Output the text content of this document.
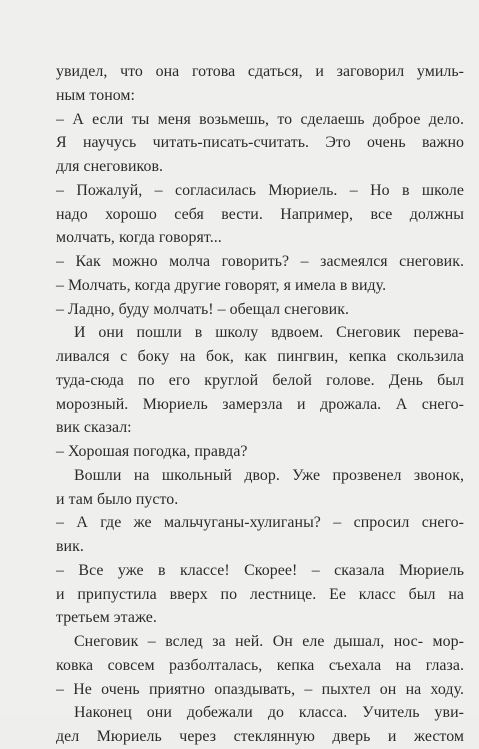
увидел, что она готова сдаться, и заговорил умиль-
ным тоном:
– А если ты меня возьмешь, то сделаешь доброе дело.
Я научусь читать-писать-считать. Это очень важно
для снеговиков.
– Пожалуй, – согласилась Мюриель. – Но в школе
надо хорошо себя вести. Например, все должны
молчать, когда говорят...
– Как можно молча говорить? – засмеялся снеговик.
– Молчать, когда другие говорят, я имела в виду.
– Ладно, буду молчать! – обещал снеговик.
И они пошли в школу вдвоем. Снеговик перева-
ливался с боку на бок, как пингвин, кепка скользила
туда-сюда по его круглой белой голове. День был
морозный. Мюриель замерзла и дрожала. А снего-
вик сказал:
– Хорошая погодка, правда?
Вошли на школьный двор. Уже прозвенел звонок,
и там было пусто.
– А где же мальчуганы-хулиганы? – спросил снего-
вик.
– Все уже в классе! Скорее! – сказала Мюриель
и припустила вверх по лестнице. Ее класс был на
третьем этаже.
Снеговик – вслед за ней. Он еле дышал, нос- мор-
ковка совсем разболталась, кепка съехала на глаза.
– Не очень приятно опаздывать, – пыхтел он на ходу.
Наконец они добежали до класса. Учитель уви-
дел Мюриель через стеклянную дверь и жестом
